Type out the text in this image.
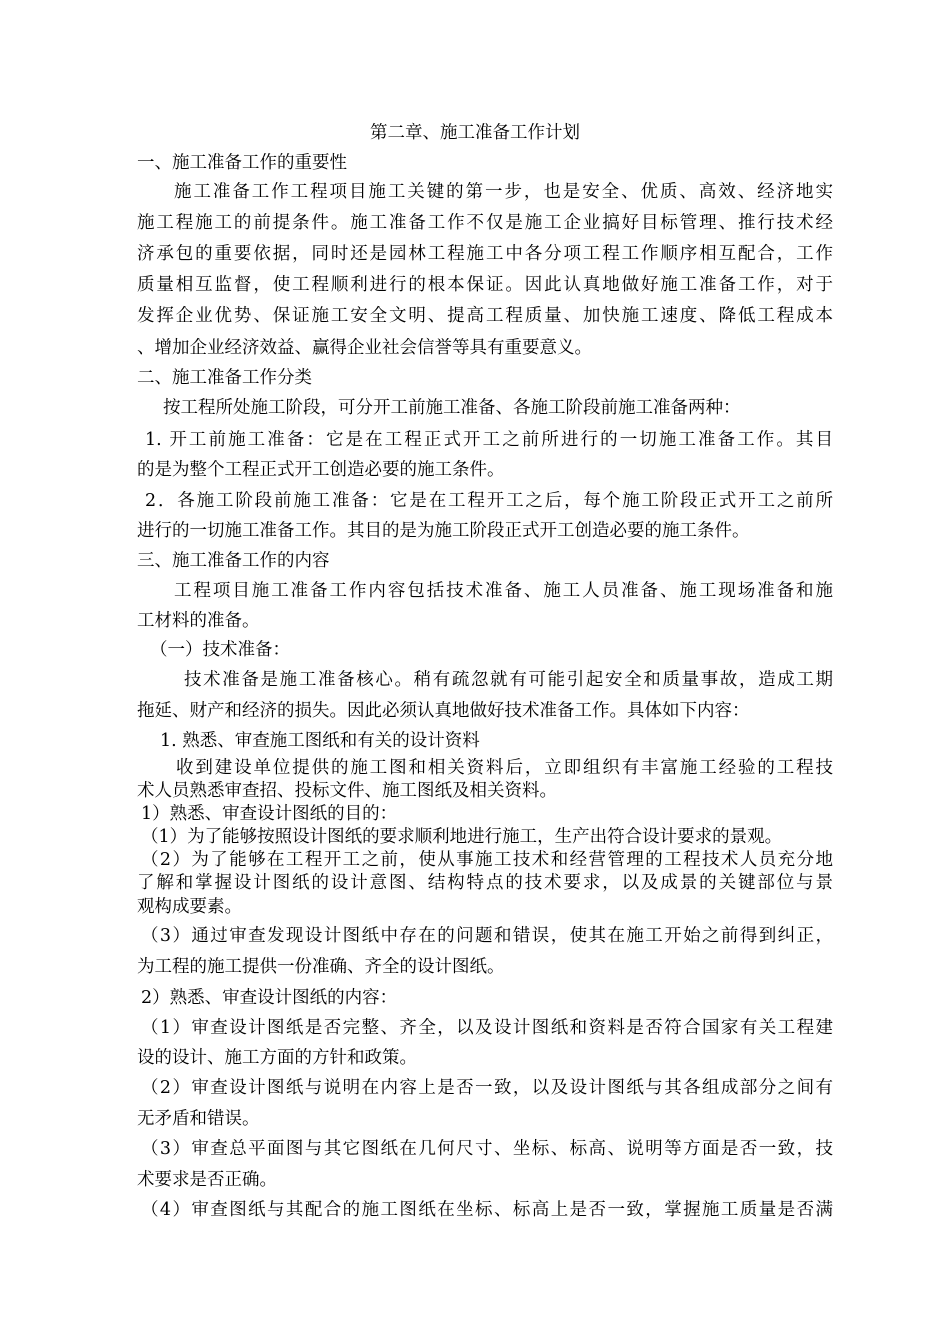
第二章、施工准备工作计划
一、施工准备工作的重要性
施工准备工作工程项目施工关键的第一步，也是安全、优质、高效、经济地实
施工程施工的前提条件。施工准备工作不仅是施工企业搞好目标管理、推行技术经
济承包的重要依据，同时还是园林工程施工中各分项工程工作顺序相互配合，工作
质量相互监督，使工程顺利进行的根本保证。因此认真地做好施工准备工作，对于
发挥企业优势、保证施工安全文明、提高工程质量、加快施工速度、降低工程成本
、增加企业经济效益、赢得企业社会信誉等具有重要意义。
二、施工准备工作分类
按工程所处施工阶段，可分开工前施工准备、各施工阶段前施工准备两种：
1. 开工前施工准备：它是在工程正式开工之前所进行的一切施工准备工作。其目
的是为整个工程正式开工创造必要的施工条件。
2．各施工阶段前施工准备：它是在工程开工之后，每个施工阶段正式开工之前所
进行的一切施工准备工作。其目的是为施工阶段正式开工创造必要的施工条件。
三、施工准备工作的内容
工程项目施工准备工作内容包括技术准备、施工人员准备、施工现场准备和施
工材料的准备。
（一）技术准备：
技术准备是施工准备核心。稍有疏忽就有可能引起安全和质量事故，造成工期
拖延、财产和经济的损失。因此必须认真地做好技术准备工作。具体如下内容：
1. 熟悉、审查施工图纸和有关的设计资料
收到建设单位提供的施工图和相关资料后，立即组织有丰富施工经验的工程技
术人员熟悉审查招、投标文件、施工图纸及相关资料。
1）熟悉、审查设计图纸的目的：
（1）为了能够按照设计图纸的要求顺利地进行施工，生产出符合设计要求的景观。
（2）为了能够在工程开工之前，使从事施工技术和经营管理的工程技术人员充分地
了解和掌握设计图纸的设计意图、结构特点的技术要求，以及成景的关键部位与景
观构成要素。
（3）通过审查发现设计图纸中存在的问题和错误，使其在施工开始之前得到纠正，
为工程的施工提供一份准确、齐全的设计图纸。
2）熟悉、审查设计图纸的内容：
（1）审查设计图纸是否完整、齐全，以及设计图纸和资料是否符合国家有关工程建
设的设计、施工方面的方针和政策。
（2）审查设计图纸与说明在内容上是否一致，以及设计图纸与其各组成部分之间有
无矛盾和错误。
（3）审查总平面图与其它图纸在几何尺寸、坐标、标高、说明等方面是否一致，技
术要求是否正确。
（4）审查图纸与其配合的施工图纸在坐标、标高上是否一致，掌握施工质量是否满
